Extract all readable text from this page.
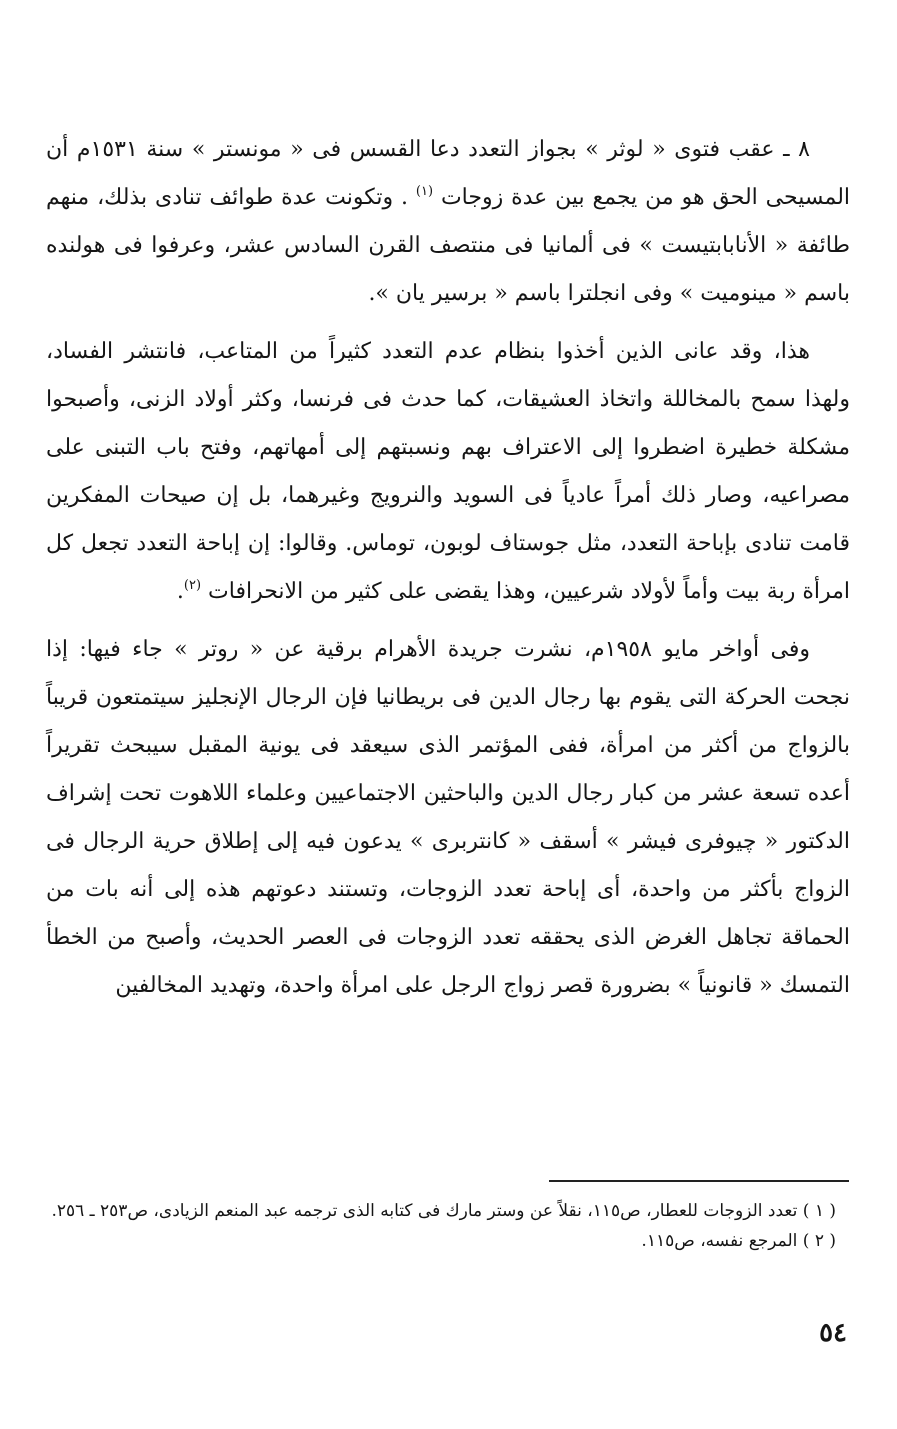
٨ ـ عقب فتوى « لوثر » بجواز التعدد دعا القسس فى « مونستر » سنة ١٥٣١م أن المسيحى الحق هو من يجمع بين عدة زوجات $^{(١)}$ . وتكونت عدة طوائف تنادى بذلك، منهم طائفة « الأنابابتيست » فى ألمانيا فى منتصف القرن السادس عشر، وعرفوا فى هولنده باسم « مينوميت » وفى انجلترا باسم « برسير يان ».

هذا، وقد عانى الذين أخذوا بنظام عدم التعدد كثيراً من المتاعب، فانتشر الفساد، ولهذا سمح بالمخاللة واتخاذ العشيقات، كما حدث فى فرنسا، وكثر أولاد الزنى، وأصبحوا مشكلة خطيرة اضطروا إلى الاعتراف بهم ونسبتهم إلى أمهاتهم، وفتح باب التبنى على مصراعيه، وصار ذلك أمراً عادياً فى السويد والنرويج وغيرهما، بل إن صيحات المفكرين قامت تنادى بإباحة التعدد، مثل جوستاف لوبون، توماس. وقالوا: إن إباحة التعدد تجعل كل امرأة ربة بيت وأماً لأولاد شرعيين، وهذا يقضى على كثير من الانحرافات $^{(٢)}$.

وفى أواخر مايو ١٩٥٨م، نشرت جريدة الأهرام برقية عن « روتر » جاء فيها: إذا نجحت الحركة التى يقوم بها رجال الدين فى بريطانيا فإن الرجال الإنجليز سيتمتعون قريباً بالزواج من أكثر من امرأة، ففى المؤتمر الذى سيعقد فى يونية المقبل سيبحث تقريراً أعده تسعة عشر من كبار رجال الدين والباحثين الاجتماعيين وعلماء اللاهوت تحت إشراف الدكتور « چيوفرى فيشر » أسقف « كانتربرى » يدعون فيه إلى إطلاق حرية الرجال فى الزواج بأكثر من واحدة، أى إباحة تعدد الزوجات، وتستند دعوتهم هذه إلى أنه بات من الحماقة تجاهل الغرض الذى يحققه تعدد الزوجات فى العصر الحديث، وأصبح من الخطأ التمسك « قانونياً » بضرورة قصر زواج الرجل على امرأة واحدة، وتهديد المخالفين

( ١ ) تعدد الزوجات للعطار، ص١١٥، نقلاً عن وستر مارك فى كتابه الذى ترجمه عبد المنعم الزيادى، ص٢٥٣ ـ ٢٥٦.

( ٢ ) المرجع نفسه، ص١١٥.

٥٤
